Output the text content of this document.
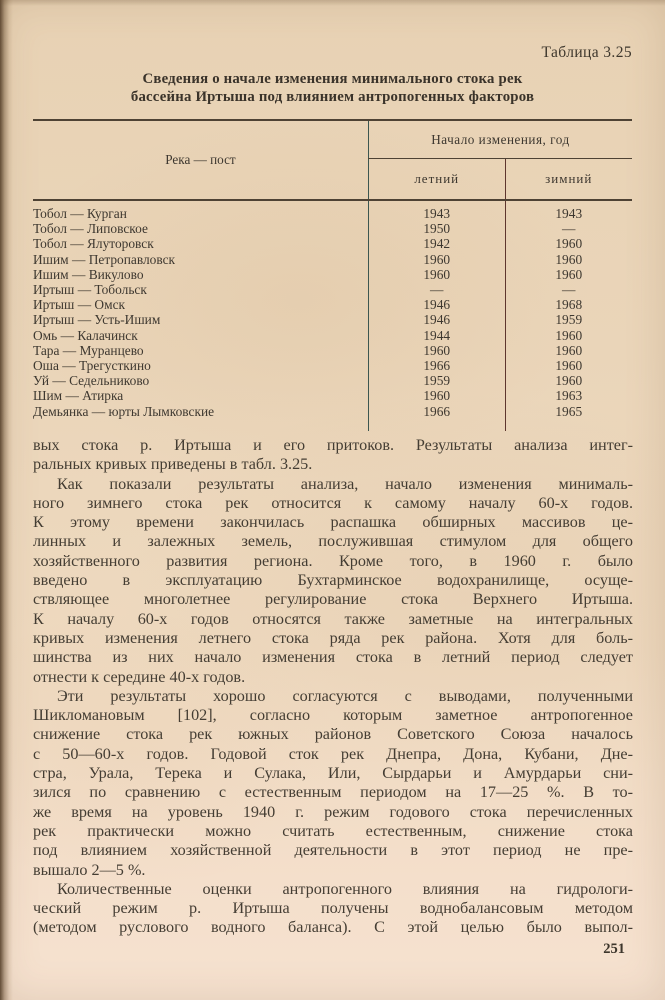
Таблица 3.25
Сведения о начале изменения минимального стока рек
бассейна Иртыша под влиянием антропогенных факторов
Река — пост	Начало изменения, год	
	летний	зимний
Тобол — Курган	1943	1943
Тобол — Липовское	1950	—
Тобол — Ялуторовск	1942	1960
Ишим — Петропавловск	1960	1960
Ишим — Викулово	1960	1960
Иртыш — Тобольск	—	—
Иртыш — Омск	1946	1968
Иртыш — Усть-Ишим	1946	1959
Омь — Калачинск	1944	1960
Тара — Муранцево	1960	1960
Оша — Трегусткино	1966	1960
Уй — Седельниково	1959	1960
Шим — Атирка	1960	1963
Демьянка — юрты Лымковские	1966	1965

вых стока р. Иртыша и его притоков. Результаты анализа интег-
ральных кривых приведены в табл. 3.25.
Как показали результаты анализа, начало изменения минималь-
ного зимнего стока рек относится к самому началу 60-х годов.
К этому времени закончилась распашка обширных массивов це-
линных и залежных земель, послужившая стимулом для общего
хозяйственного развития региона. Кроме того, в 1960 г. было
введено в эксплуатацию Бухтарминское водохранилище, осуще-
ствляющее многолетнее регулирование стока Верхнего Иртыша.
К началу 60-х годов относятся также заметные на интегральных
кривых изменения летнего стока ряда рек района. Хотя для боль-
шинства из них начало изменения стока в летний период следует
отнести к середине 40-х годов.
Эти результаты хорошо согласуются с выводами, полученными
Шикломановым [102], согласно которым заметное антропогенное
снижение стока рек южных районов Советского Союза началось
с 50—60-х годов. Годовой сток рек Днепра, Дона, Кубани, Дне-
стра, Урала, Терека и Сулака, Или, Сырдарьи и Амурдарьи сни-
зился по сравнению с естественным периодом на 17—25 %. В то-
же время на уровень 1940 г. режим годового стока перечисленных
рек практически можно считать естественным, снижение стока
под влиянием хозяйственной деятельности в этот период не пре-
вышало 2—5 %.
Количественные оценки антропогенного влияния на гидрологи-
ческий режим р. Иртыша получены воднобалансовым методом
(методом руслового водного баланса). С этой целью было выпол-
251
